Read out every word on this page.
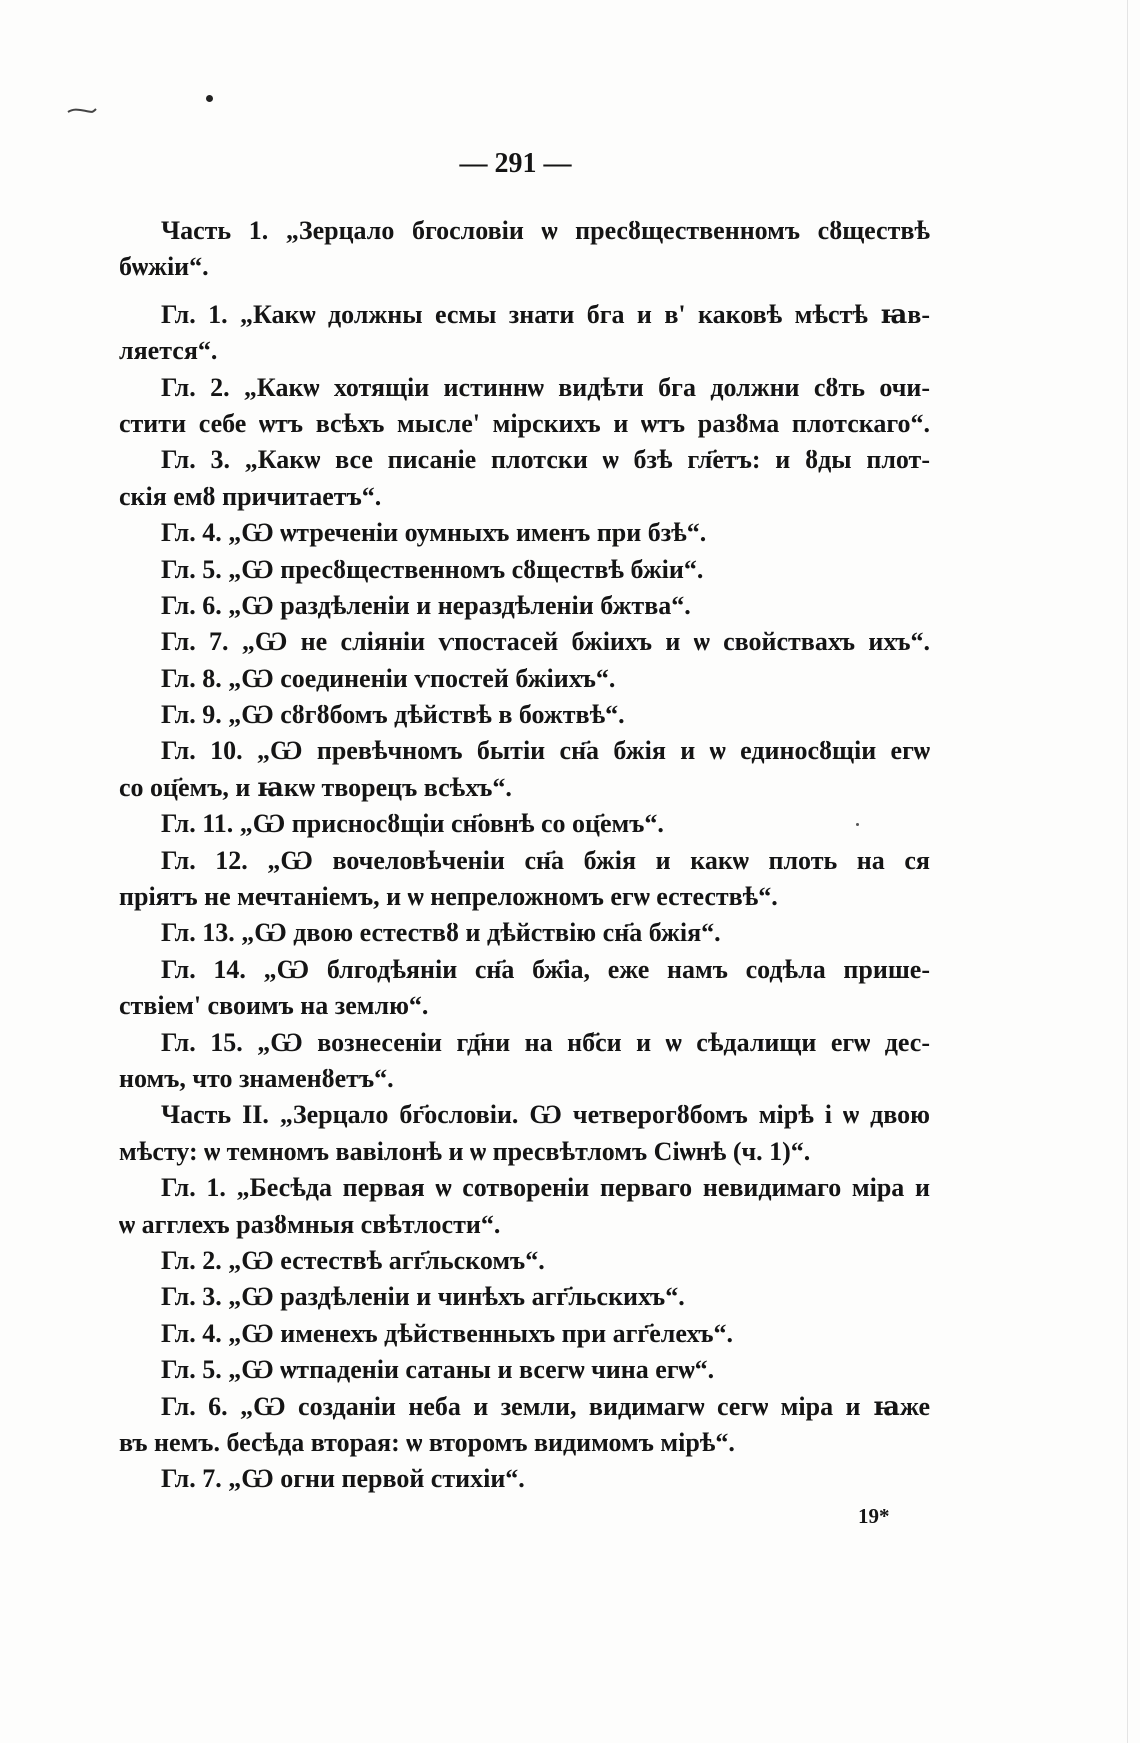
— 291 —
Часть 1. „Зерцало бгословіи ѡ пресȣщественномъ сȣществѣ
бѡжіи“.
Гл. 1. „Какѡ должны есмы знати бга и в' каковѣ мѣстѣ ꙗв-
ляется“.
Гл. 2. „Какѡ хотящіи истиннѡ видѣти бга должни сȣть очи-
стити себе ѡтъ всѣхъ мысле' мірскихъ и ѡтъ разȣма плотскаго“.
Гл. 3. „Какѡ все писаніе плотски ѡ бзѣ гл҃етъ: и ȣды плот-
скія емȣ причитаетъ“.
Гл. 4. „Ѡ ѡтреченіи оумныхъ именъ при бзѣ“.
Гл. 5. „Ѡ пресȣщественномъ сȣществѣ бжіи“.
Гл. 6. „Ѡ раздѣленіи и нераздѣленіи бжтва“.
Гл. 7. „Ѡ не сліяніи ѵпостасей бжіихъ и ѡ свойствахъ ихъ“.
Гл. 8. „Ѡ соединеніи ѵпостей бжіихъ“.
Гл. 9. „Ѡ сȣгȣбомъ дѣйствѣ в божтвѣ“.
Гл. 10. „Ѡ превѣчномъ бытіи сн҃а бжія и ѡ единосȣщіи егѡ
со оц҃емъ, и ꙗкѡ творецъ всѣхъ“.
Гл. 11. „Ѡ присносȣщіи сн҃овнѣ со оц҃емъ“.
Гл. 12. „Ѡ вочеловѣченіи сн҃а бжія и какѡ плоть на ся
пріятъ не мечтаніемъ, и ѡ непреложномъ егѡ естествѣ“.
Гл. 13. „Ѡ двою естествȣ и дѣйствію сн҃а бжія“.
Гл. 14. „Ѡ блгодѣяніи сн҃а бж҃іа, еже намъ содѣла прише-
ствіем' своимъ на землю“.
Гл. 15. „Ѡ вознесеніи гд҃ни на нб҃си и ѡ сѣдалищи егѡ дес-
номъ, что знаменȣетъ“.
Часть II. „Зерцало бг҃ословіи. Ѡ четверогȣбомъ мірѣ і ѡ двою
мѣсту: ѡ темномъ вавілонѣ и ѡ пресвѣтломъ Сіѡнѣ (ч. 1)“.
Гл. 1. „Бесѣда первая ѡ сотвореніи перваго невидимаго міра и
ѡ агглехъ разȣмныя свѣтлости“.
Гл. 2. „Ѡ естествѣ агг҃льскомъ“.
Гл. 3. „Ѡ раздѣленіи и чинѣхъ агг҃льскихъ“.
Гл. 4. „Ѡ именехъ дѣйственныхъ при агг҃елехъ“.
Гл. 5. „Ѡ ѡтпаденіи сатаны и всегѡ чина егѡ“.
Гл. 6. „Ѡ созданіи неба и земли, видимагѡ сегѡ міра и ꙗже
въ немъ. бесѣда вторая: ѡ второмъ видимомъ мірѣ“.
Гл. 7. „Ѡ огни первой стихіи“.
19*
